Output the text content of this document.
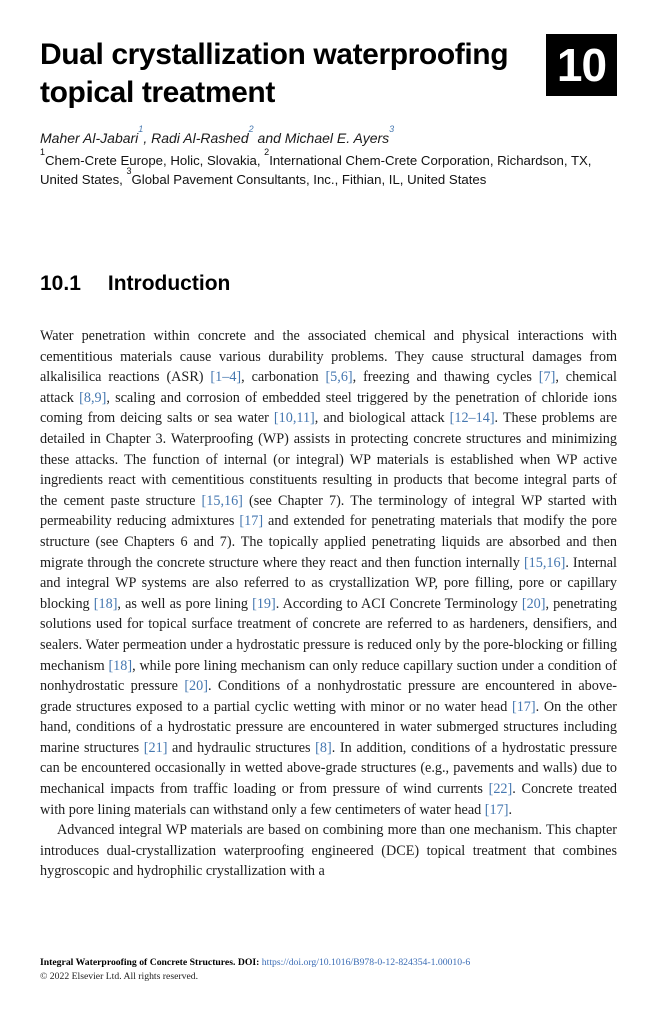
Dual crystallization waterproofing topical treatment
10
Maher Al-Jabari$^1$, Radi Al-Rashed$^2$ and Michael E. Ayers$^3$
$^1$Chem-Crete Europe, Holic, Slovakia, $^2$International Chem-Crete Corporation, Richardson, TX, United States, $^3$Global Pavement Consultants, Inc., Fithian, IL, United States
10.1 Introduction
Water penetration within concrete and the associated chemical and physical interactions with cementitious materials cause various durability problems. They cause structural damages from alkalisilica reactions (ASR) [1–4], carbonation [5,6], freezing and thawing cycles [7], chemical attack [8,9], scaling and corrosion of embedded steel triggered by the penetration of chloride ions coming from deicing salts or sea water [10,11], and biological attack [12–14]. These problems are detailed in Chapter 3. Waterproofing (WP) assists in protecting concrete structures and minimizing these attacks. The function of internal (or integral) WP materials is established when WP active ingredients react with cementitious constituents resulting in products that become integral parts of the cement paste structure [15,16] (see Chapter 7). The terminology of integral WP started with permeability reducing admixtures [17] and extended for penetrating materials that modify the pore structure (see Chapters 6 and 7). The topically applied penetrating liquids are absorbed and then migrate through the concrete structure where they react and then function internally [15,16]. Internal and integral WP systems are also referred to as crystallization WP, pore filling, pore or capillary blocking [18], as well as pore lining [19]. According to ACI Concrete Terminology [20], penetrating solutions used for topical surface treatment of concrete are referred to as hardeners, densifiers, and sealers. Water permeation under a hydrostatic pressure is reduced only by the pore-blocking or filling mechanism [18], while pore lining mechanism can only reduce capillary suction under a condition of nonhydrostatic pressure [20]. Conditions of a nonhydrostatic pressure are encountered in above-grade structures exposed to a partial cyclic wetting with minor or no water head [17]. On the other hand, conditions of a hydrostatic pressure are encountered in water submerged structures including marine structures [21] and hydraulic structures [8]. In addition, conditions of a hydrostatic pressure can be encountered occasionally in wetted above-grade structures (e.g., pavements and walls) due to mechanical impacts from traffic loading or from pressure of wind currents [22]. Concrete treated with pore lining materials can withstand only a few centimeters of water head [17].
Advanced integral WP materials are based on combining more than one mechanism. This chapter introduces dual-crystallization waterproofing engineered (DCE) topical treatment that combines hygroscopic and hydrophilic crystallization with a
Integral Waterproofing of Concrete Structures. DOI: https://doi.org/10.1016/B978-0-12-824354-1.00010-6
© 2022 Elsevier Ltd. All rights reserved.
